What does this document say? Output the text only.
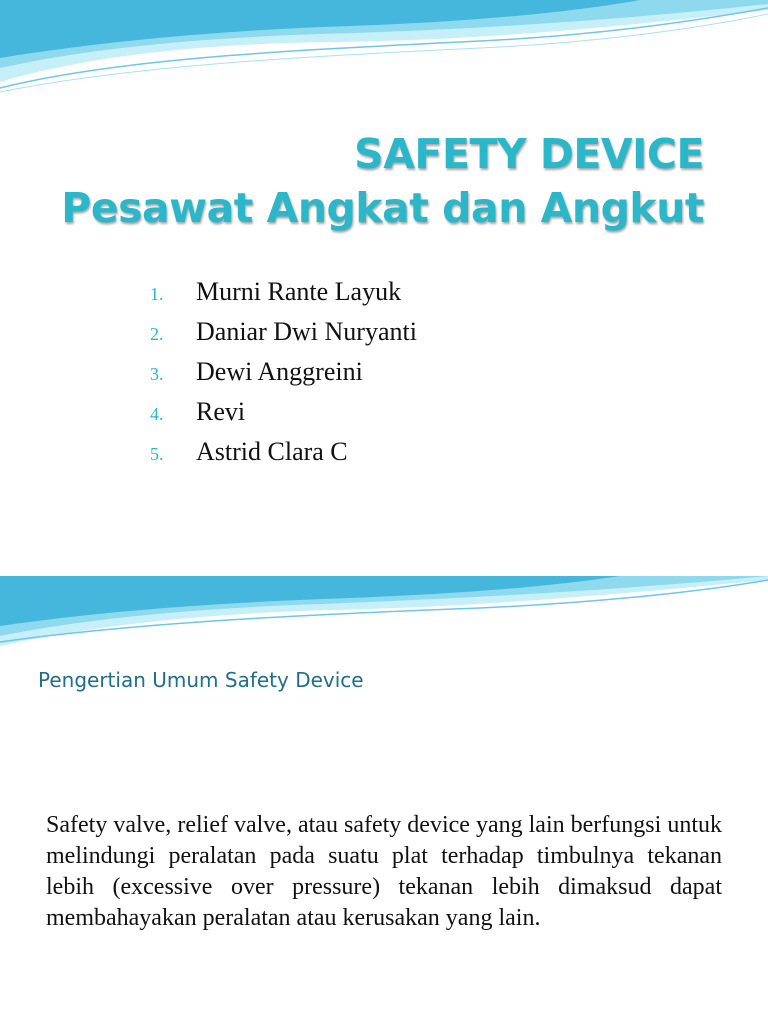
SAFETY DEVICE
Pesawat Angkat dan Angkut
1. Murni Rante Layuk
2. Daniar Dwi Nuryanti
3. Dewi Anggreini
4. Revi
5. Astrid Clara C
Pengertian Umum Safety Device

Safety valve, relief valve, atau safety device yang lain berfungsi untuk melindungi peralatan pada suatu plat terhadap timbulnya tekanan lebih (excessive over pressure) tekanan lebih dimaksud dapat membahayakan peralatan atau kerusakan yang lain.
